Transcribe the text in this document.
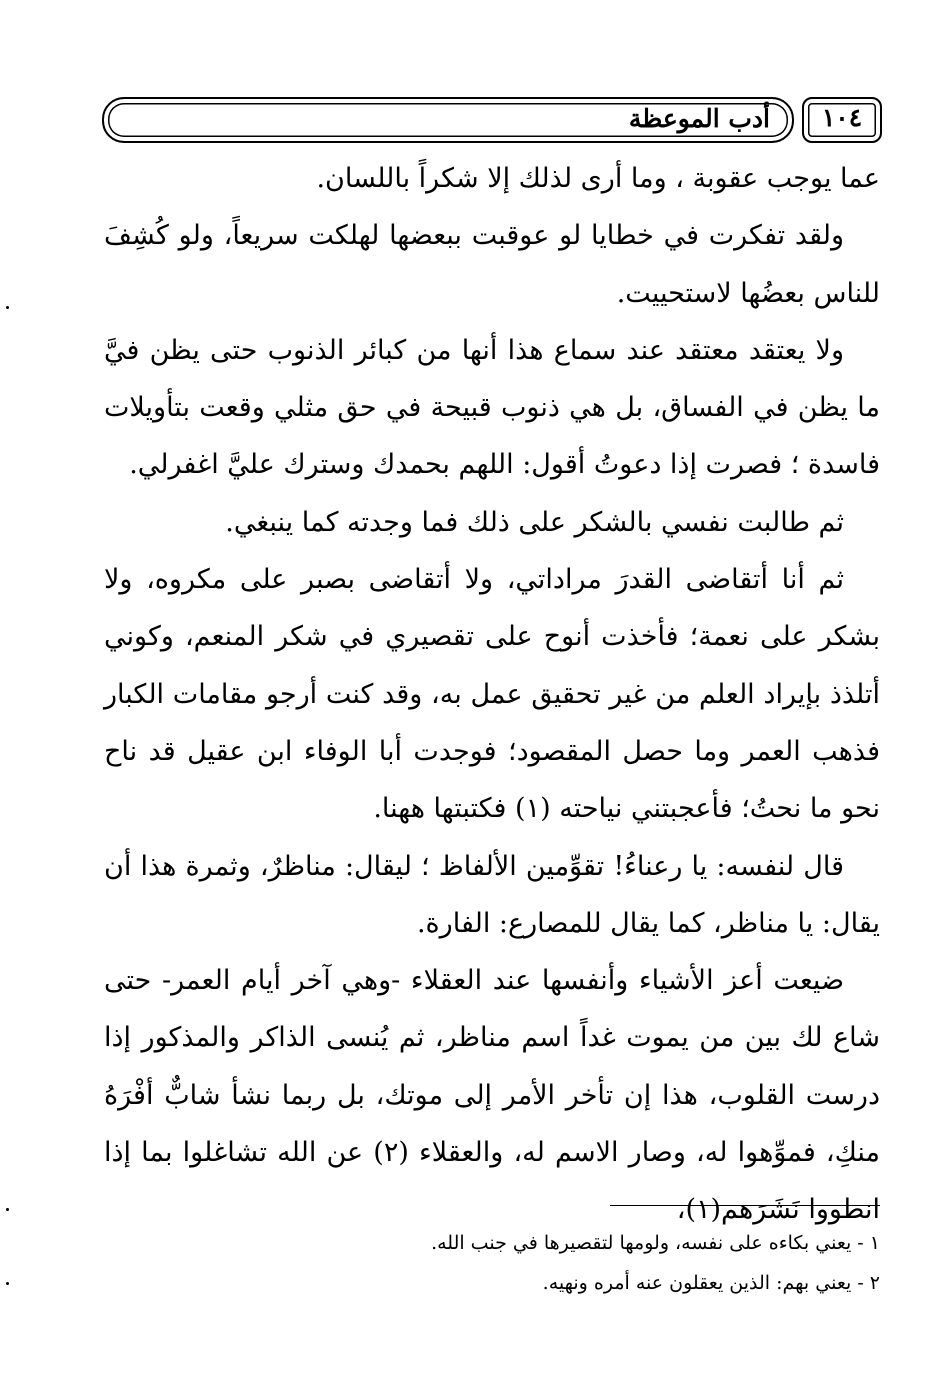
أدب الموعظة	١٠٤

عما يوجب عقوبة ، وما أرى لذلك إلا شكراً باللسان.

ولقد تفكرت في خطايا لو عوقبت ببعضها لهلكت سريعاً، ولو كُشِفَ للناس بعضُها لاستحييت.

ولا يعتقد معتقد عند سماع هذا أنها من كبائر الذنوب حتى يظن فيَّ ما يظن في الفساق، بل هي ذنوب قبيحة في حق مثلي وقعت بتأويلات فاسدة ؛ فصرت إذا دعوتُ أقول: اللهم بحمدك وسترك عليَّ اغفرلي.

ثم طالبت نفسي بالشكر على ذلك فما وجدته كما ينبغي.

ثم أنا أتقاضى القدرَ مراداتي، ولا أتقاضى بصبر على مكروه، ولا بشكر على نعمة؛ فأخذت أنوح على تقصيري في شكر المنعم، وكوني أتلذذ بإيراد العلم من غير تحقيق عمل به، وقد كنت أرجو مقامات الكبار فذهب العمر وما حصل المقصود؛ فوجدت أبا الوفاء ابن عقيل قد ناح نحو ما نحتُ؛ فأعجبتني نياحته (١) فكتبتها ههنا.

قال لنفسه: يا رعناءُ! تقوِّمين الألفاظ ؛ ليقال: مناظرٌ، وثمرة هذا أن يقال: يا مناظر، كما يقال للمصارع: الفارة.

ضيعت أعز الأشياء وأنفسها عند العقلاء -وهي آخر أيام العمر- حتى شاع لك بين من يموت غداً اسم مناظر، ثم يُنسى الذاكر والمذكور إذا درست القلوب، هذا إن تأخر الأمر إلى موتك، بل ربما نشأ شابٌّ أفْرَهُ منكِ، فموِّهوا له، وصار الاسم له، والعقلاء (٢) عن الله تشاغلوا بما إذا انطووا نَشَرَهم(١)،

١ - يعني بكاءه على نفسه، ولومها لتقصيرها في جنب الله.

٢ - يعني بهم: الذين يعقلون عنه أمره ونهيه.
